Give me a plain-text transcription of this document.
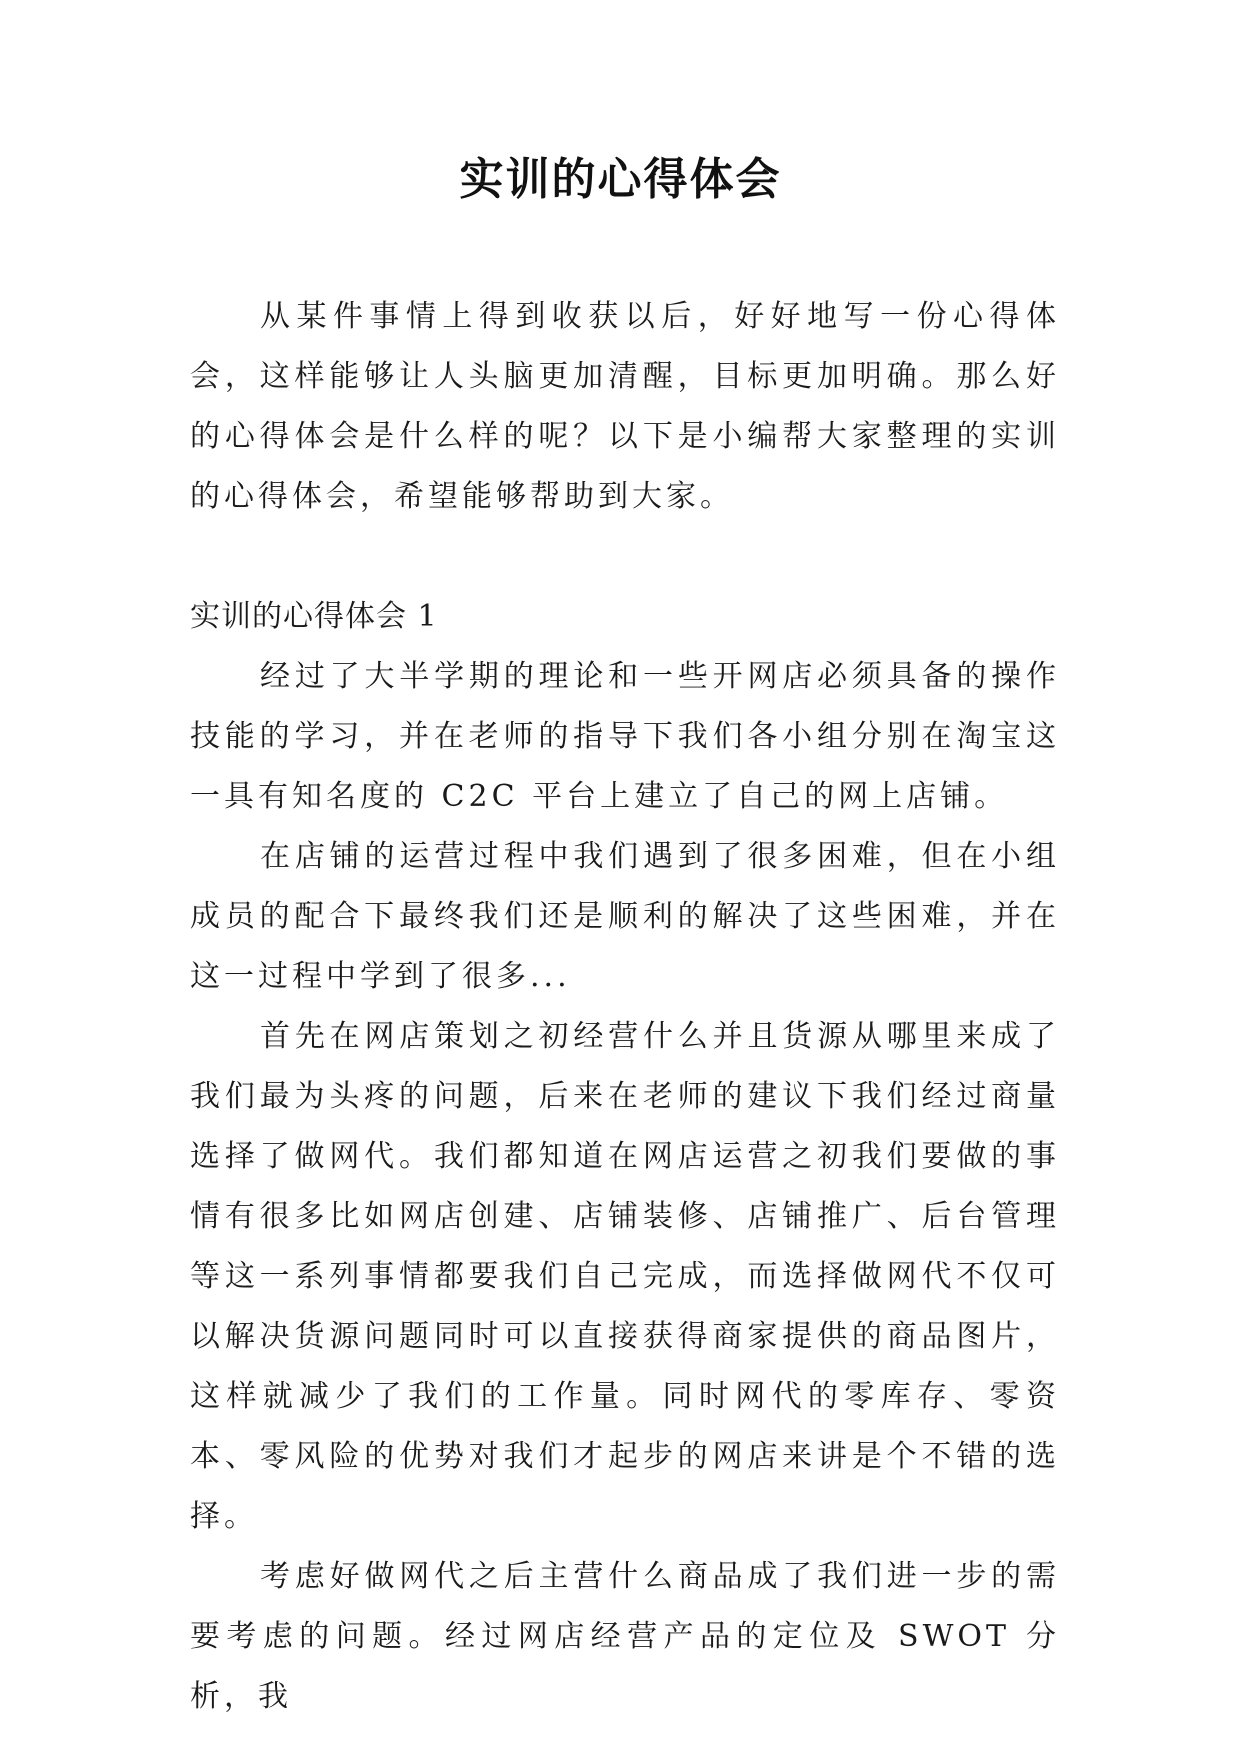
实训的心得体会

从某件事情上得到收获以后，好好地写一份心得体会，这样能够让人头脑更加清醒，目标更加明确。那么好的心得体会是什么样的呢？以下是小编帮大家整理的实训的心得体会，希望能够帮助到大家。

实训的心得体会 1

经过了大半学期的理论和一些开网店必须具备的操作技能的学习，并在老师的指导下我们各小组分别在淘宝这一具有知名度的 C2C 平台上建立了自己的网上店铺。

在店铺的运营过程中我们遇到了很多困难，但在小组成员的配合下最终我们还是顺利的解决了这些困难，并在这一过程中学到了很多...

首先在网店策划之初经营什么并且货源从哪里来成了我们最为头疼的问题，后来在老师的建议下我们经过商量选择了做网代。我们都知道在网店运营之初我们要做的事情有很多比如网店创建、店铺装修、店铺推广、后台管理等这一系列事情都要我们自己完成，而选择做网代不仅可以解决货源问题同时可以直接获得商家提供的商品图片，这样就减少了我们的工作量。同时网代的零库存、零资本、零风险的优势对我们才起步的网店来讲是个不错的选择。

考虑好做网代之后主营什么商品成了我们进一步的需要考虑的问题。经过网店经营产品的定位及 SWOT 分析，我
